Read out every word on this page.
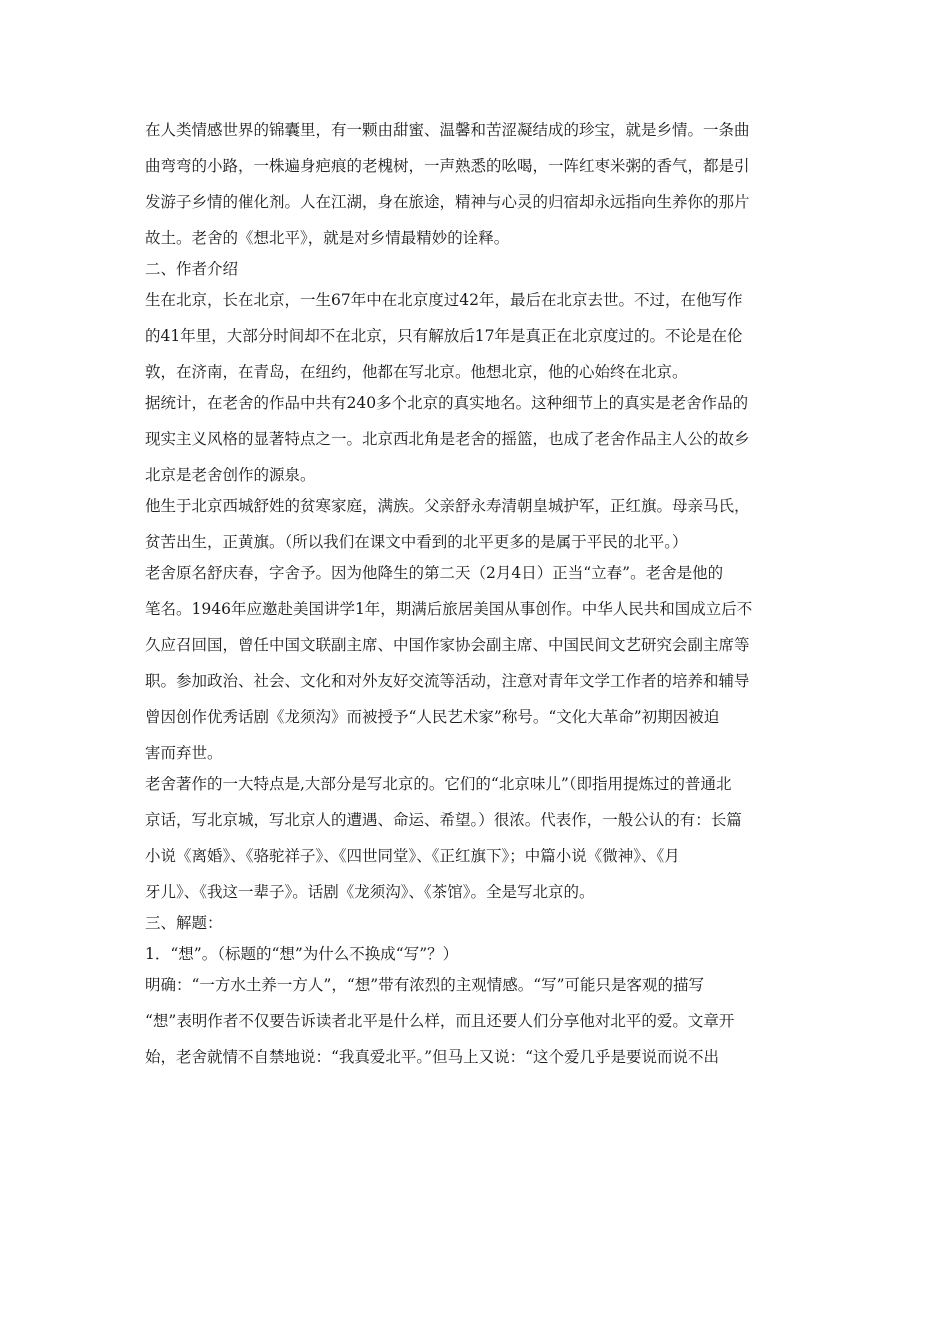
在人类情感世界的锦囊里，有一颗由甜蜜、温馨和苦涩凝结成的珍宝，就是乡情。一条曲
曲弯弯的小路，一株遍身疤痕的老槐树，一声熟悉的吆喝，一阵红枣米粥的香气，都是引
发游子乡情的催化剂。人在江湖，身在旅途，精神与心灵的归宿却永远指向生养你的那片
故土。老舍的《想北平》，就是对乡情最精妙的诠释。
二、作者介绍
生在北京，长在北京，一生67年中在北京度过42年，最后在北京去世。不过，在他写作
的41年里，大部分时间却不在北京，只有解放后17年是真正在北京度过的。不论是在伦
敦，在济南，在青岛，在纽约，他都在写北京。他想北京，他的心始终在北京。
据统计，在老舍的作品中共有240多个北京的真实地名。这种细节上的真实是老舍作品的
现实主义风格的显著特点之一。北京西北角是老舍的摇篮，也成了老舍作品主人公的故乡
北京是老舍创作的源泉。
他生于北京西城舒姓的贫寒家庭，满族。父亲舒永寿清朝皇城护军，正红旗。母亲马氏，
贫苦出生，正黄旗。（所以我们在课文中看到的北平更多的是属于平民的北平。）
老舍原名舒庆春，字舍予。因为他降生的第二天（2月4日）正当“立春”。老舍是他的
笔名。1946年应邀赴美国讲学1年，期满后旅居美国从事创作。中华人民共和国成立后不
久应召回国，曾任中国文联副主席、中国作家协会副主席、中国民间文艺研究会副主席等
职。参加政治、社会、文化和对外友好交流等活动，注意对青年文学工作者的培养和辅导
曾因创作优秀话剧《龙须沟》而被授予“人民艺术家”称号。“文化大革命”初期因被迫
害而弃世。
老舍著作的一大特点是,大部分是写北京的。它们的“北京味儿”（即指用提炼过的普通北
京话，写北京城，写北京人的遭遇、命运、希望。）很浓。代表作，一般公认的有：长篇
小说《离婚》、《骆驼祥子》、《四世同堂》、《正红旗下》；中篇小说《微神》、《月
牙儿》、《我这一辈子》。话剧《龙须沟》、《茶馆》。全是写北京的。
三、解题：
1．“想”。（标题的“想”为什么不换成“写”？）
明确：“一方水土养一方人”，“想”带有浓烈的主观情感。“写”可能只是客观的描写
“想”表明作者不仅要告诉读者北平是什么样，而且还要人们分享他对北平的爱。文章开
始，老舍就情不自禁地说：“我真爱北平。”但马上又说：“这个爱几乎是要说而说不出
